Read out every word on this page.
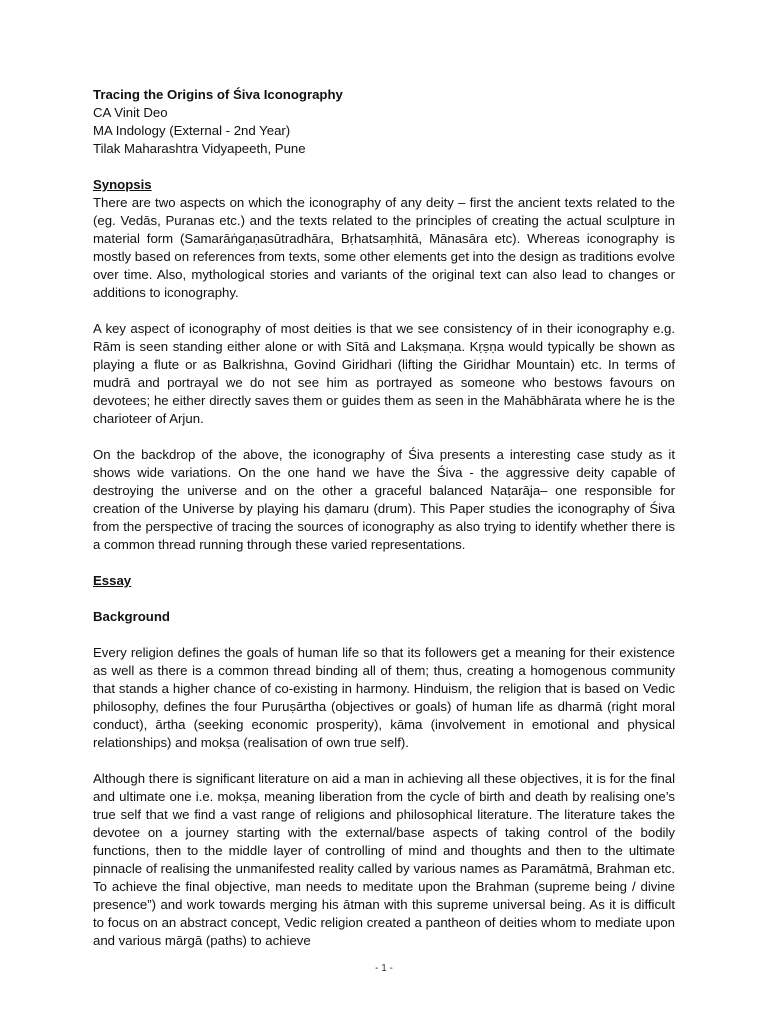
Tracing the Origins of Śiva Iconography
CA Vinit Deo
MA Indology (External - 2nd Year)
Tilak Maharashtra Vidyapeeth, Pune
Synopsis

There are two aspects on which the iconography of any deity – first the ancient texts related to the (eg. Vedās, Puranas etc.) and the texts related to the principles of creating the actual sculpture in material form (Samarāṅgaṇasūtradhāra, Bṛhatsaṃhitā, Mānasāra etc). Whereas iconography is mostly based on references from texts, some other elements get into the design as traditions evolve over time. Also, mythological stories and variants of the original text can also lead to changes or additions to iconography.

A key aspect of iconography of most deities is that we see consistency of in their iconography e.g. Rām is seen standing either alone or with Sītā and Lakṣmaṇa. Kṛṣṇa would typically be shown as playing a flute or as Balkrishna, Govind Giridhari (lifting the Giridhar Mountain) etc. In terms of mudrā and portrayal we do not see him as portrayed as someone who bestows favours on devotees; he either directly saves them or guides them as seen in the Mahābhārata where he is the charioteer of Arjun.

On the backdrop of the above, the iconography of Śiva presents a interesting case study as it shows wide variations. On the one hand we have the Śiva - the aggressive deity capable of destroying the universe and on the other a graceful balanced Naṭarāja– one responsible for creation of the Universe by playing his ḍamaru (drum). This Paper studies the iconography of Śiva from the perspective of tracing the sources of iconography as also trying to identify whether there is a common thread running through these varied representations.

Essay
Background

Every religion defines the goals of human life so that its followers get a meaning for their existence as well as there is a common thread binding all of them; thus, creating a homogenous community that stands a higher chance of co-existing in harmony. Hinduism, the religion that is based on Vedic philosophy, defines the four Puruṣārtha (objectives or goals) of human life as dharmā (right moral conduct), ārtha (seeking economic prosperity), kāma (involvement in emotional and physical relationships) and mokṣa (realisation of own true self).

Although there is significant literature on aid a man in achieving all these objectives, it is for the final and ultimate one i.e. mokṣa, meaning liberation from the cycle of birth and death by realising one’s true self that we find a vast range of religions and philosophical literature. The literature takes the devotee on a journey starting with the external/base aspects of taking control of the bodily functions, then to the middle layer of controlling of mind and thoughts and then to the ultimate pinnacle of realising the unmanifested reality called by various names as Paramātmā, Brahman etc. To achieve the final objective, man needs to meditate upon the Brahman (supreme being / divine presence”) and work towards merging his ātman with this supreme universal being. As it is difficult to focus on an abstract concept, Vedic religion created a pantheon of deities whom to mediate upon and various mārgā (paths) to achieve

- 1 -
